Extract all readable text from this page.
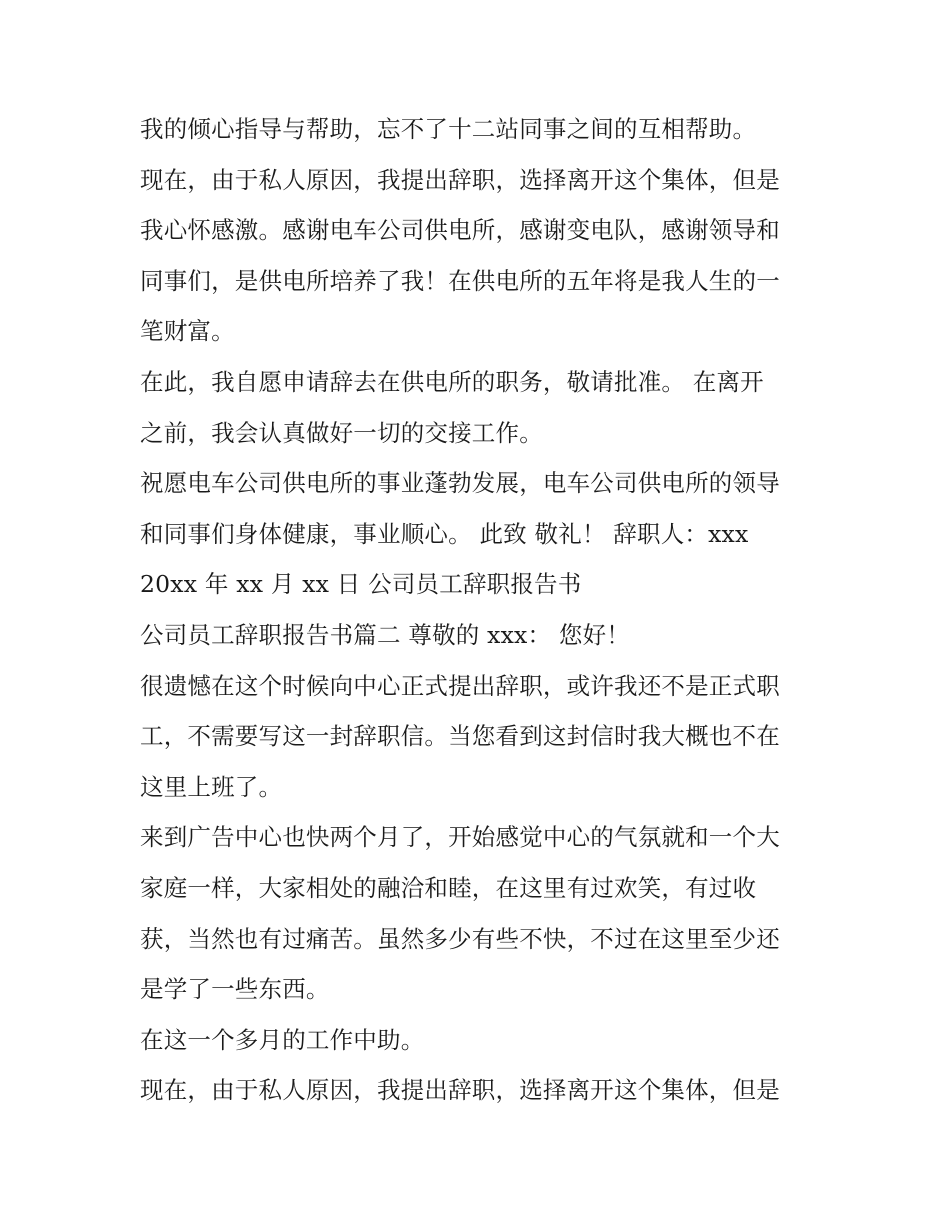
我的倾心指导与帮助，忘不了十二站同事之间的互相帮助。
现在，由于私人原因，我提出辞职，选择离开这个集体，但是
我心怀感激。感谢电车公司供电所，感谢变电队，感谢领导和
同事们，是供电所培养了我！在供电所的五年将是我人生的一
笔财富。
在此，我自愿申请辞去在供电所的职务，敬请批准。 在离开
之前，我会认真做好一切的交接工作。
祝愿电车公司供电所的事业蓬勃发展，电车公司供电所的领导
和同事们身体健康，事业顺心。 此致 敬礼！ 辞职人：xxx
20xx 年 xx 月 xx 日 公司员工辞职报告书
公司员工辞职报告书篇二 尊敬的 xxx： 您好！
很遗憾在这个时候向中心正式提出辞职，或许我还不是正式职
工，不需要写这一封辞职信。当您看到这封信时我大概也不在
这里上班了。
来到广告中心也快两个月了，开始感觉中心的气氛就和一个大
家庭一样，大家相处的融洽和睦，在这里有过欢笑，有过收
获，当然也有过痛苦。虽然多少有些不快，不过在这里至少还
是学了一些东西。
在这一个多月的工作中助。
现在，由于私人原因，我提出辞职，选择离开这个集体，但是
